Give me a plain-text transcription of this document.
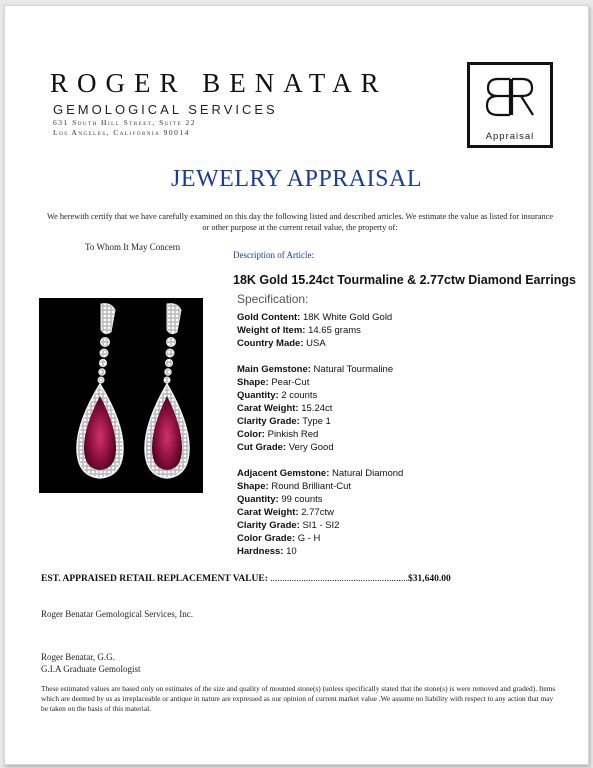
ROGER BENATAR
GEMOLOGICAL SERVICES
631 South Hill Street, Suite 22
Los Angeles, California 90014	Appraisal
JEWELRY APPRAISAL
We herewith certify that we have carefully examined on this day the following listed and described articles. We estimate the value as listed for insurance or other purpose at the current retail value, the property of:
To Whom It May Concern
Description of Article:
18K Gold 15.24ct Tourmaline & 2.77ctw Diamond Earrings
Specification:
Gold Content: 18K White Gold Gold
Weight of Item: 14.65 grams
Country Made: USA
Main Gemstone: Natural Tourmaline
Shape: Pear-Cut
Quantity: 2 counts
Carat Weight: 15.24ct
Clarity Grade: Type 1
Color: Pinkish Red
Cut Grade: Very Good
Adjacent Gemstone: Natural Diamond
Shape: Round Brilliant-Cut
Quantity: 99 counts
Carat Weight: 2.77ctw
Clarity Grade: SI1 - SI2
Color Grade: G - H
Hardness: 10
EST. APPRAISED RETAIL REPLACEMENT VALUE: ..........................................................$31,640.00
Roger Benatar Gemological Services, Inc.
Roger Benatar, G.G.
G.I.A Graduate Gemologist
These estimated values are based only on estimates of the size and quality of mounted stone(s) (unless specifically stated that the stone(s) is were removed and graded). Items which are deemed by us as irreplaceable or antique in nature are expressed as our opinion of current market value .We assume no liability with respect to any action that may be taken on the basis of this material.
